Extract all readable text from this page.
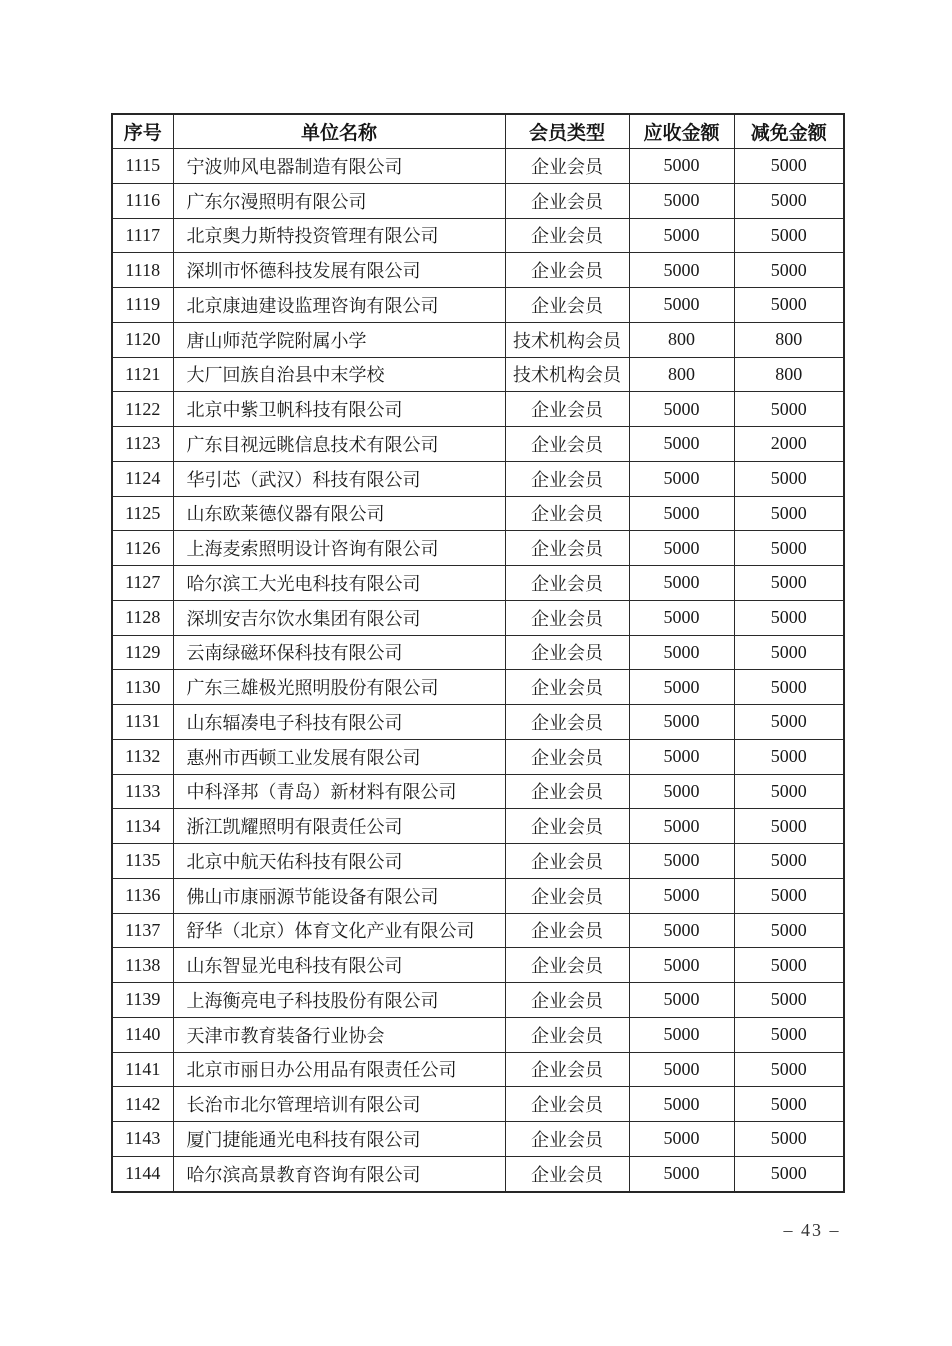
序号	单位名称	会员类型	应收金额	减免金额
1115	宁波帅风电器制造有限公司	企业会员	5000	5000
1116	广东尔漫照明有限公司	企业会员	5000	5000
1117	北京奥力斯特投资管理有限公司	企业会员	5000	5000
1118	深圳市怀德科技发展有限公司	企业会员	5000	5000
1119	北京康迪建设监理咨询有限公司	企业会员	5000	5000
1120	唐山师范学院附属小学	技术机构会员	800	800
1121	大厂回族自治县中末学校	技术机构会员	800	800
1122	北京中紫卫帆科技有限公司	企业会员	5000	5000
1123	广东目视远眺信息技术有限公司	企业会员	5000	2000
1124	华引芯（武汉）科技有限公司	企业会员	5000	5000
1125	山东欧莱德仪器有限公司	企业会员	5000	5000
1126	上海麦索照明设计咨询有限公司	企业会员	5000	5000
1127	哈尔滨工大光电科技有限公司	企业会员	5000	5000
1128	深圳安吉尔饮水集团有限公司	企业会员	5000	5000
1129	云南绿磁环保科技有限公司	企业会员	5000	5000
1130	广东三雄极光照明股份有限公司	企业会员	5000	5000
1131	山东辐凑电子科技有限公司	企业会员	5000	5000
1132	惠州市西顿工业发展有限公司	企业会员	5000	5000
1133	中科泽邦（青岛）新材料有限公司	企业会员	5000	5000
1134	浙江凯耀照明有限责任公司	企业会员	5000	5000
1135	北京中航天佑科技有限公司	企业会员	5000	5000
1136	佛山市康丽源节能设备有限公司	企业会员	5000	5000
1137	舒华（北京）体育文化产业有限公司	企业会员	5000	5000
1138	山东智显光电科技有限公司	企业会员	5000	5000
1139	上海衡亮电子科技股份有限公司	企业会员	5000	5000
1140	天津市教育装备行业协会	企业会员	5000	5000
1141	北京市丽日办公用品有限责任公司	企业会员	5000	5000
1142	长治市北尔管理培训有限公司	企业会员	5000	5000
1143	厦门捷能通光电科技有限公司	企业会员	5000	5000
1144	哈尔滨高景教育咨询有限公司	企业会员	5000	5000
– 43 –
